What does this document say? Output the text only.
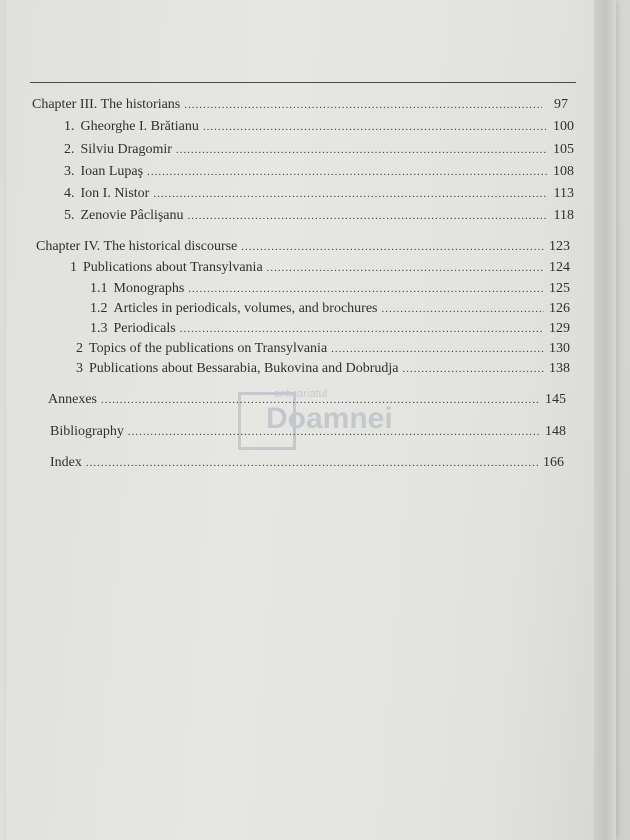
Chapter III. The historians .....	97
1. Gheorghe I. Brătianu .....	100
2. Silviu Dragomir .....	105
3. Ioan Lupaş .....	108
4. Ion I. Nistor .....	113
5. Zenovie Pâclişanu .....	118
Chapter IV. The historical discourse .....	123
1 Publications about Transylvania .....	124
1.1 Monographs .....	125
1.2 Articles in periodicals, volumes, and brochures .....	126
1.3 Periodicals .....	129
2 Topics of the publications on Transylvania .....	130
3 Publications about Bessarabia, Bukovina and Dobrudja .....	138
Annexes .....	145
Bibliography .....	148
Index .....	166
anticariatul
Doamnei
